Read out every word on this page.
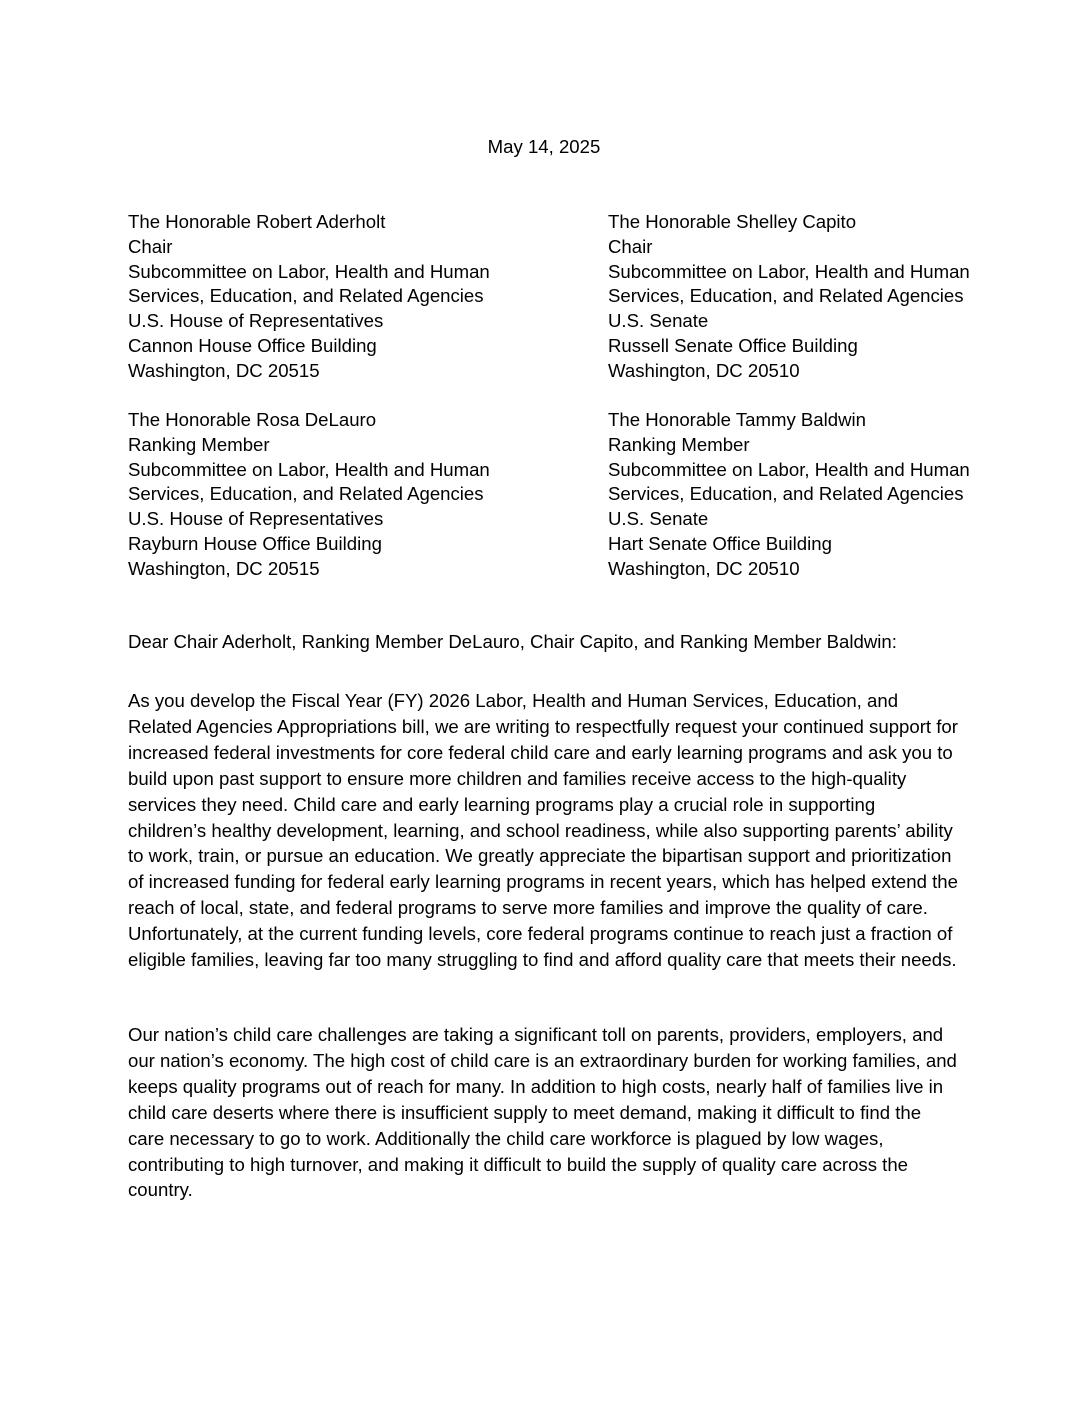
May 14, 2025
The Honorable Robert Aderholt
Chair
Subcommittee on Labor, Health and Human
Services, Education, and Related Agencies
U.S. House of Representatives
Cannon House Office Building
Washington, DC 20515
The Honorable Shelley Capito
Chair
Subcommittee on Labor, Health and Human
Services, Education, and Related Agencies
U.S. Senate
Russell Senate Office Building
Washington, DC 20510
The Honorable Rosa DeLauro
Ranking Member
Subcommittee on Labor, Health and Human
Services, Education, and Related Agencies
U.S. House of Representatives
Rayburn House Office Building
Washington, DC 20515
The Honorable Tammy Baldwin
Ranking Member
Subcommittee on Labor, Health and Human
Services, Education, and Related Agencies
U.S. Senate
Hart Senate Office Building
Washington, DC 20510
Dear Chair Aderholt, Ranking Member DeLauro, Chair Capito, and Ranking Member Baldwin:

As you develop the Fiscal Year (FY) 2026 Labor, Health and Human Services, Education, and Related Agencies Appropriations bill, we are writing to respectfully request your continued support for increased federal investments for core federal child care and early learning programs and ask you to build upon past support to ensure more children and families receive access to the high-quality services they need. Child care and early learning programs play a crucial role in supporting children’s healthy development, learning, and school readiness, while also supporting parents’ ability to work, train, or pursue an education. We greatly appreciate the bipartisan support and prioritization of increased funding for federal early learning programs in recent years, which has helped extend the reach of local, state, and federal programs to serve more families and improve the quality of care. Unfortunately, at the current funding levels, core federal programs continue to reach just a fraction of eligible families, leaving far too many struggling to find and afford quality care that meets their needs.

Our nation’s child care challenges are taking a significant toll on parents, providers, employers, and our nation’s economy. The high cost of child care is an extraordinary burden for working families, and keeps quality programs out of reach for many. In addition to high costs, nearly half of families live in child care deserts where there is insufficient supply to meet demand, making it difficult to find the care necessary to go to work. Additionally the child care workforce is plagued by low wages, contributing to high turnover, and making it difficult to build the supply of quality care across the country.
